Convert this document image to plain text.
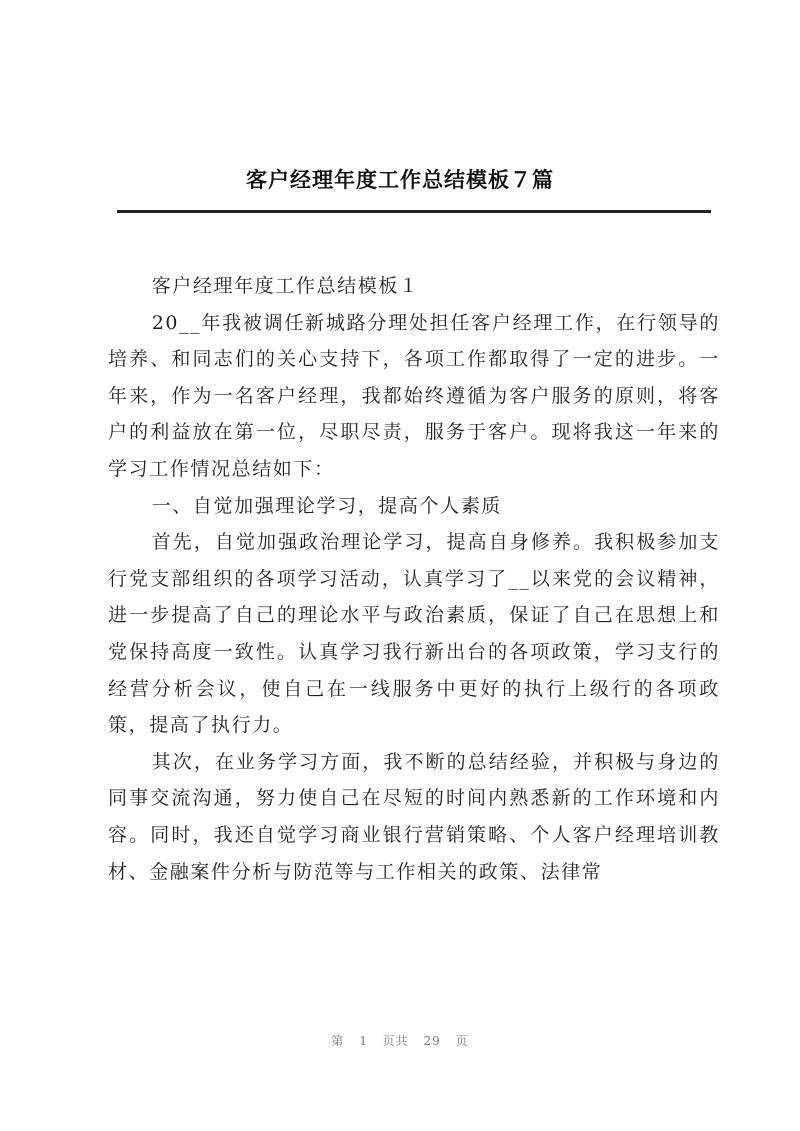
客户经理年度工作总结模板７篇

客户经理年度工作总结模板１

20__年我被调任新城路分理处担任客户经理工作，在行领导的培养、和同志们的关心支持下，各项工作都取得了一定的进步。一年来，作为一名客户经理，我都始终遵循为客户服务的原则，将客户的利益放在第一位，尽职尽责，服务于客户。现将我这一年来的学习工作情况总结如下：

一、自觉加强理论学习，提高个人素质

首先，自觉加强政治理论学习，提高自身修养。我积极参加支行党支部组织的各项学习活动，认真学习了__以来党的会议精神，进一步提高了自己的理论水平与政治素质，保证了自己在思想上和党保持高度一致性。认真学习我行新出台的各项政策，学习支行的经营分析会议，使自己在一线服务中更好的执行上级行的各项政策，提高了执行力。

其次，在业务学习方面，我不断的总结经验，并积极与身边的同事交流沟通，努力使自己在尽短的时间内熟悉新的工作环境和内容。同时，我还自觉学习商业银行营销策略、个人客户经理培训教材、金融案件分析与防范等与工作相关的政策、法律常

第 1 页共 29 页
